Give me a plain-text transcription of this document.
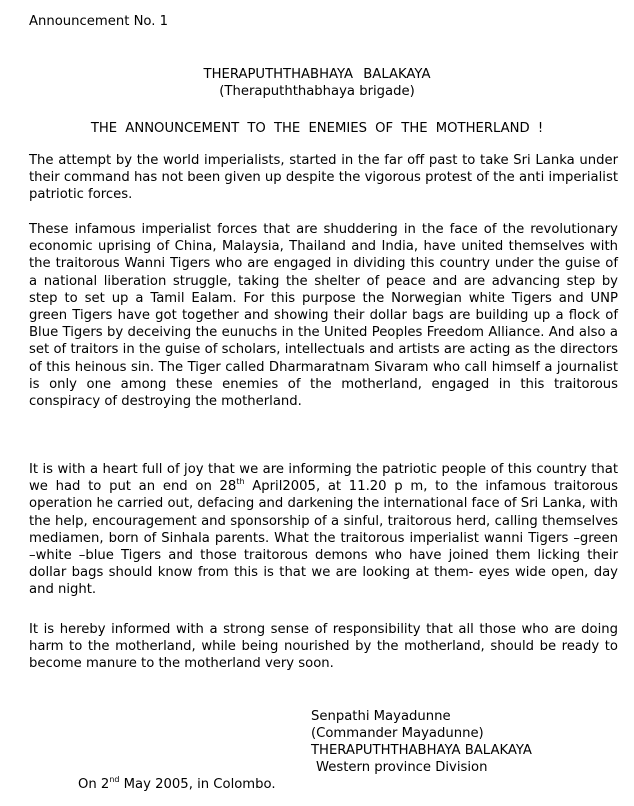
Announcement No. 1
THERAPUTHTHABHAYA BALAKAYA
(Therapuththabhaya brigade)
THE ANNOUNCEMENT TO THE ENEMIES OF THE MOTHERLAND !

The attempt by the world imperialists, started in the far off past to take Sri Lanka under their command has not been given up despite the vigorous protest of the anti imperialist patriotic forces.

These infamous imperialist forces that are shuddering in the face of the revolutionary economic uprising of China, Malaysia, Thailand and India, have united themselves with the traitorous Wanni Tigers who are engaged in dividing this country under the guise of a national liberation struggle, taking the shelter of peace and are advancing step by step to set up a Tamil Ealam. For this purpose the Norwegian white Tigers and UNP green Tigers have got together and showing their dollar bags are building up a flock of Blue Tigers by deceiving the eunuchs in the United Peoples Freedom Alliance. And also a set of traitors in the guise of scholars, intellectuals and artists are acting as the directors of this heinous sin. The Tiger called Dharmaratnam Sivaram who call himself a journalist is only one among these enemies of the motherland, engaged in this traitorous conspiracy of destroying the motherland.

It is with a heart full of joy that we are informing the patriotic people of this country that we had to put an end on 28th April2005, at 11.20 p m, to the infamous traitorous operation he carried out, defacing and darkening the international face of Sri Lanka, with the help, encouragement and sponsorship of a sinful, traitorous herd, calling themselves mediamen, born of Sinhala parents. What the traitorous imperialist wanni Tigers –green –white –blue Tigers and those traitorous demons who have joined them licking their dollar bags should know from this is that we are looking at them- eyes wide open, day and night.

It is hereby informed with a strong sense of responsibility that all those who are doing harm to the motherland, while being nourished by the motherland, should be ready to become manure to the motherland very soon.

Senpathi Mayadunne
(Commander Mayadunne)
THERAPUTHTHABHAYA BALAKAYA
Western province Division
On 2nd May 2005, in Colombo.
